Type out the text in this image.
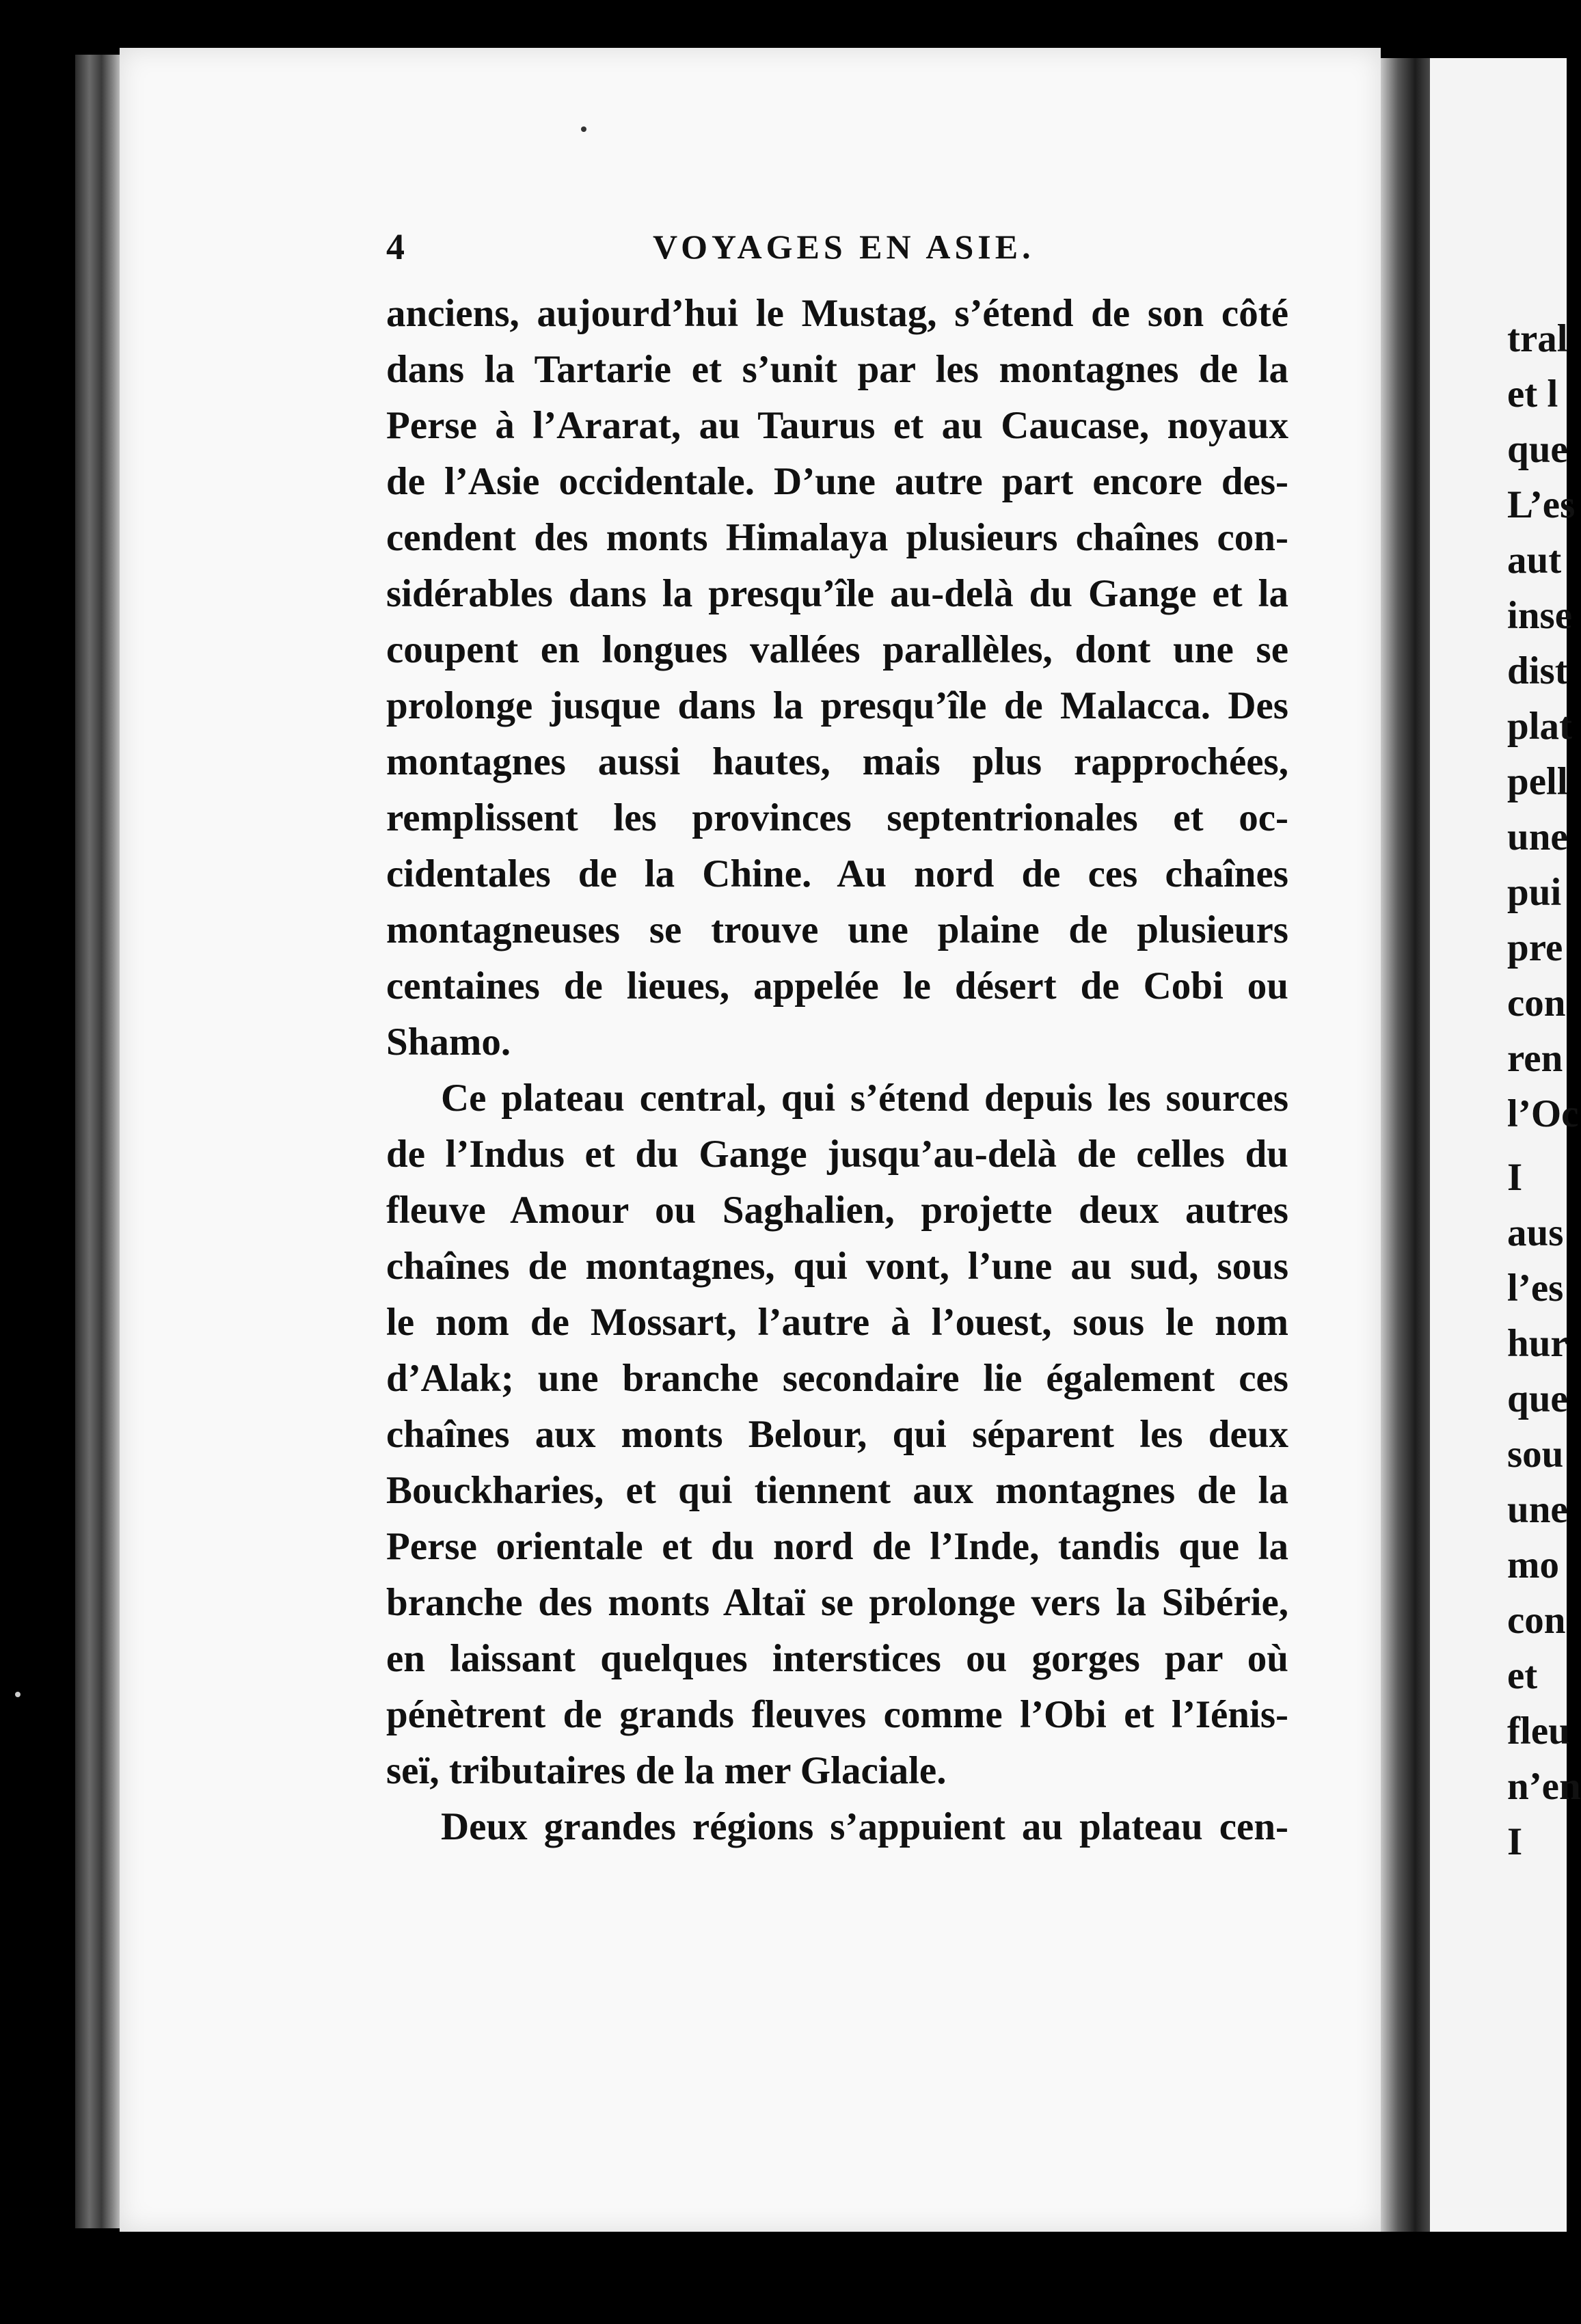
4	VOYAGES EN ASIE.
anciens, aujourd’hui le Mustag, s’étend de son côté
dans la Tartarie et s’unit par les montagnes de la
Perse à l’Ararat, au Taurus et au Caucase, noyaux
de l’Asie occidentale. D’une autre part encore des-
cendent des monts Himalaya plusieurs chaînes con-
sidérables dans la presqu’île au-delà du Gange et la
coupent en longues vallées parallèles, dont une se
prolonge jusque dans la presqu’île de Malacca. Des
montagnes aussi hautes, mais plus rapprochées,
remplissent les provinces septentrionales et oc-
cidentales de la Chine. Au nord de ces chaînes
montagneuses se trouve une plaine de plusieurs
centaines de lieues, appelée le désert de Cobi ou
Shamo.
Ce plateau central, qui s’étend depuis les sources
de l’Indus et du Gange jusqu’au-delà de celles du
fleuve Amour ou Saghalien, projette deux autres
chaînes de montagnes, qui vont, l’une au sud, sous
le nom de Mossart, l’autre à l’ouest, sous le nom
d’Alak; une branche secondaire lie également ces
chaînes aux monts Belour, qui séparent les deux
Bouckharies, et qui tiennent aux montagnes de la
Perse orientale et du nord de l’Inde, tandis que la
branche des monts Altaï se prolonge vers la Sibérie,
en laissant quelques interstices ou gorges par où
pénètrent de grands fleuves comme l’Obi et l’Iénis-
seï, tributaires de la mer Glaciale.
Deux grandes régions s’appuient au plateau cen-
tral
et l
que
L’es
aut
inse
dist
plat
pell
une
pui
pre
con
ren
l’Oc
I
aus
l’es
hur
que
sou
une
mo
con
et
fleu
n’en
I
